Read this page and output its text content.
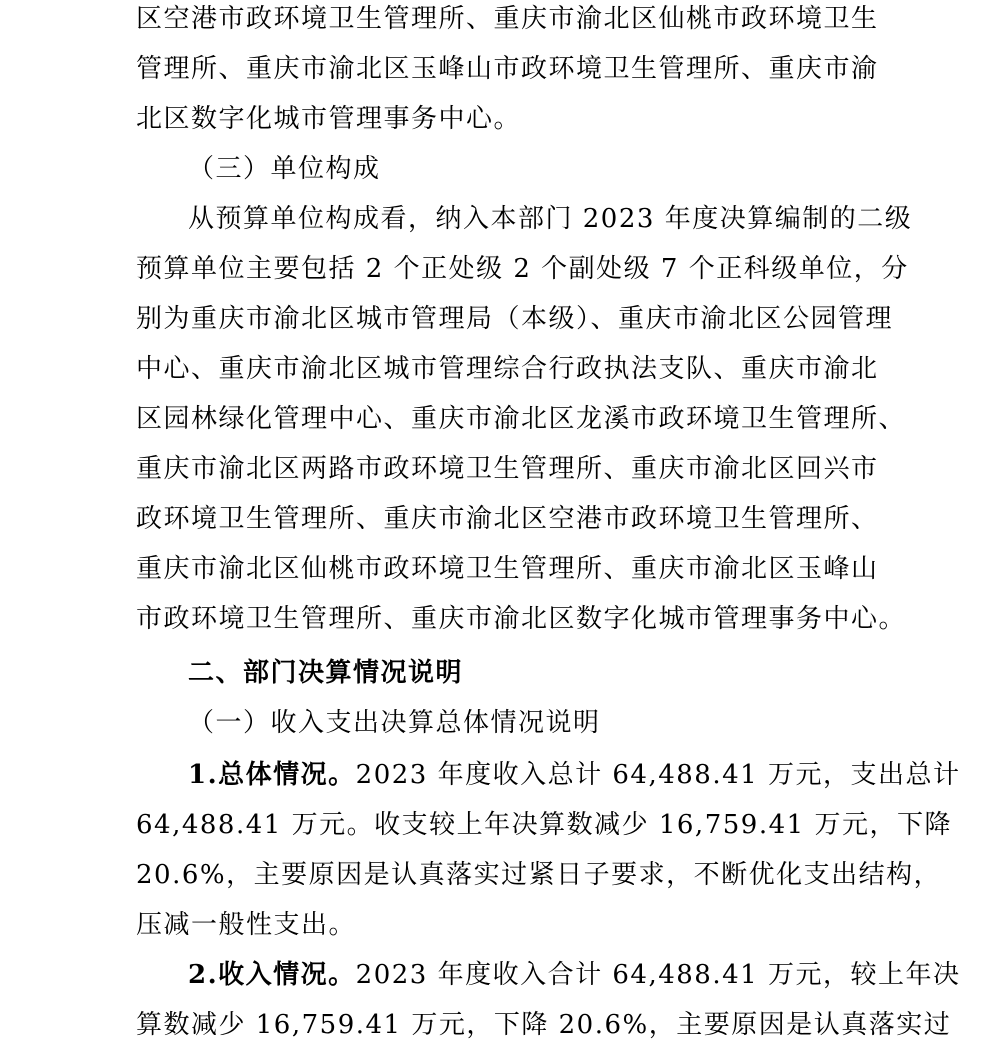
区空港市政环境卫生管理所、重庆市渝北区仙桃市政环境卫生
管理所、重庆市渝北区玉峰山市政环境卫生管理所、重庆市渝
北区数字化城市管理事务中心。
（三）单位构成
从预算单位构成看，纳入本部门 2023 年度决算编制的二级
预算单位主要包括 2 个正处级 2 个副处级 7 个正科级单位，分
别为重庆市渝北区城市管理局（本级）、重庆市渝北区公园管理
中心、重庆市渝北区城市管理综合行政执法支队、重庆市渝北
区园林绿化管理中心、重庆市渝北区龙溪市政环境卫生管理所、
重庆市渝北区两路市政环境卫生管理所、重庆市渝北区回兴市
政环境卫生管理所、重庆市渝北区空港市政环境卫生管理所、
重庆市渝北区仙桃市政环境卫生管理所、重庆市渝北区玉峰山
市政环境卫生管理所、重庆市渝北区数字化城市管理事务中心。
二、部门决算情况说明
（一）收入支出决算总体情况说明
1.总体情况。2023 年度收入总计 64,488.41 万元，支出总计
64,488.41 万元。收支较上年决算数减少 16,759.41 万元，下降
20.6%，主要原因是认真落实过紧日子要求，不断优化支出结构，
压减一般性支出。
2.收入情况。2023 年度收入合计 64,488.41 万元，较上年决
算数减少 16,759.41 万元，下降 20.6%，主要原因是认真落实过
